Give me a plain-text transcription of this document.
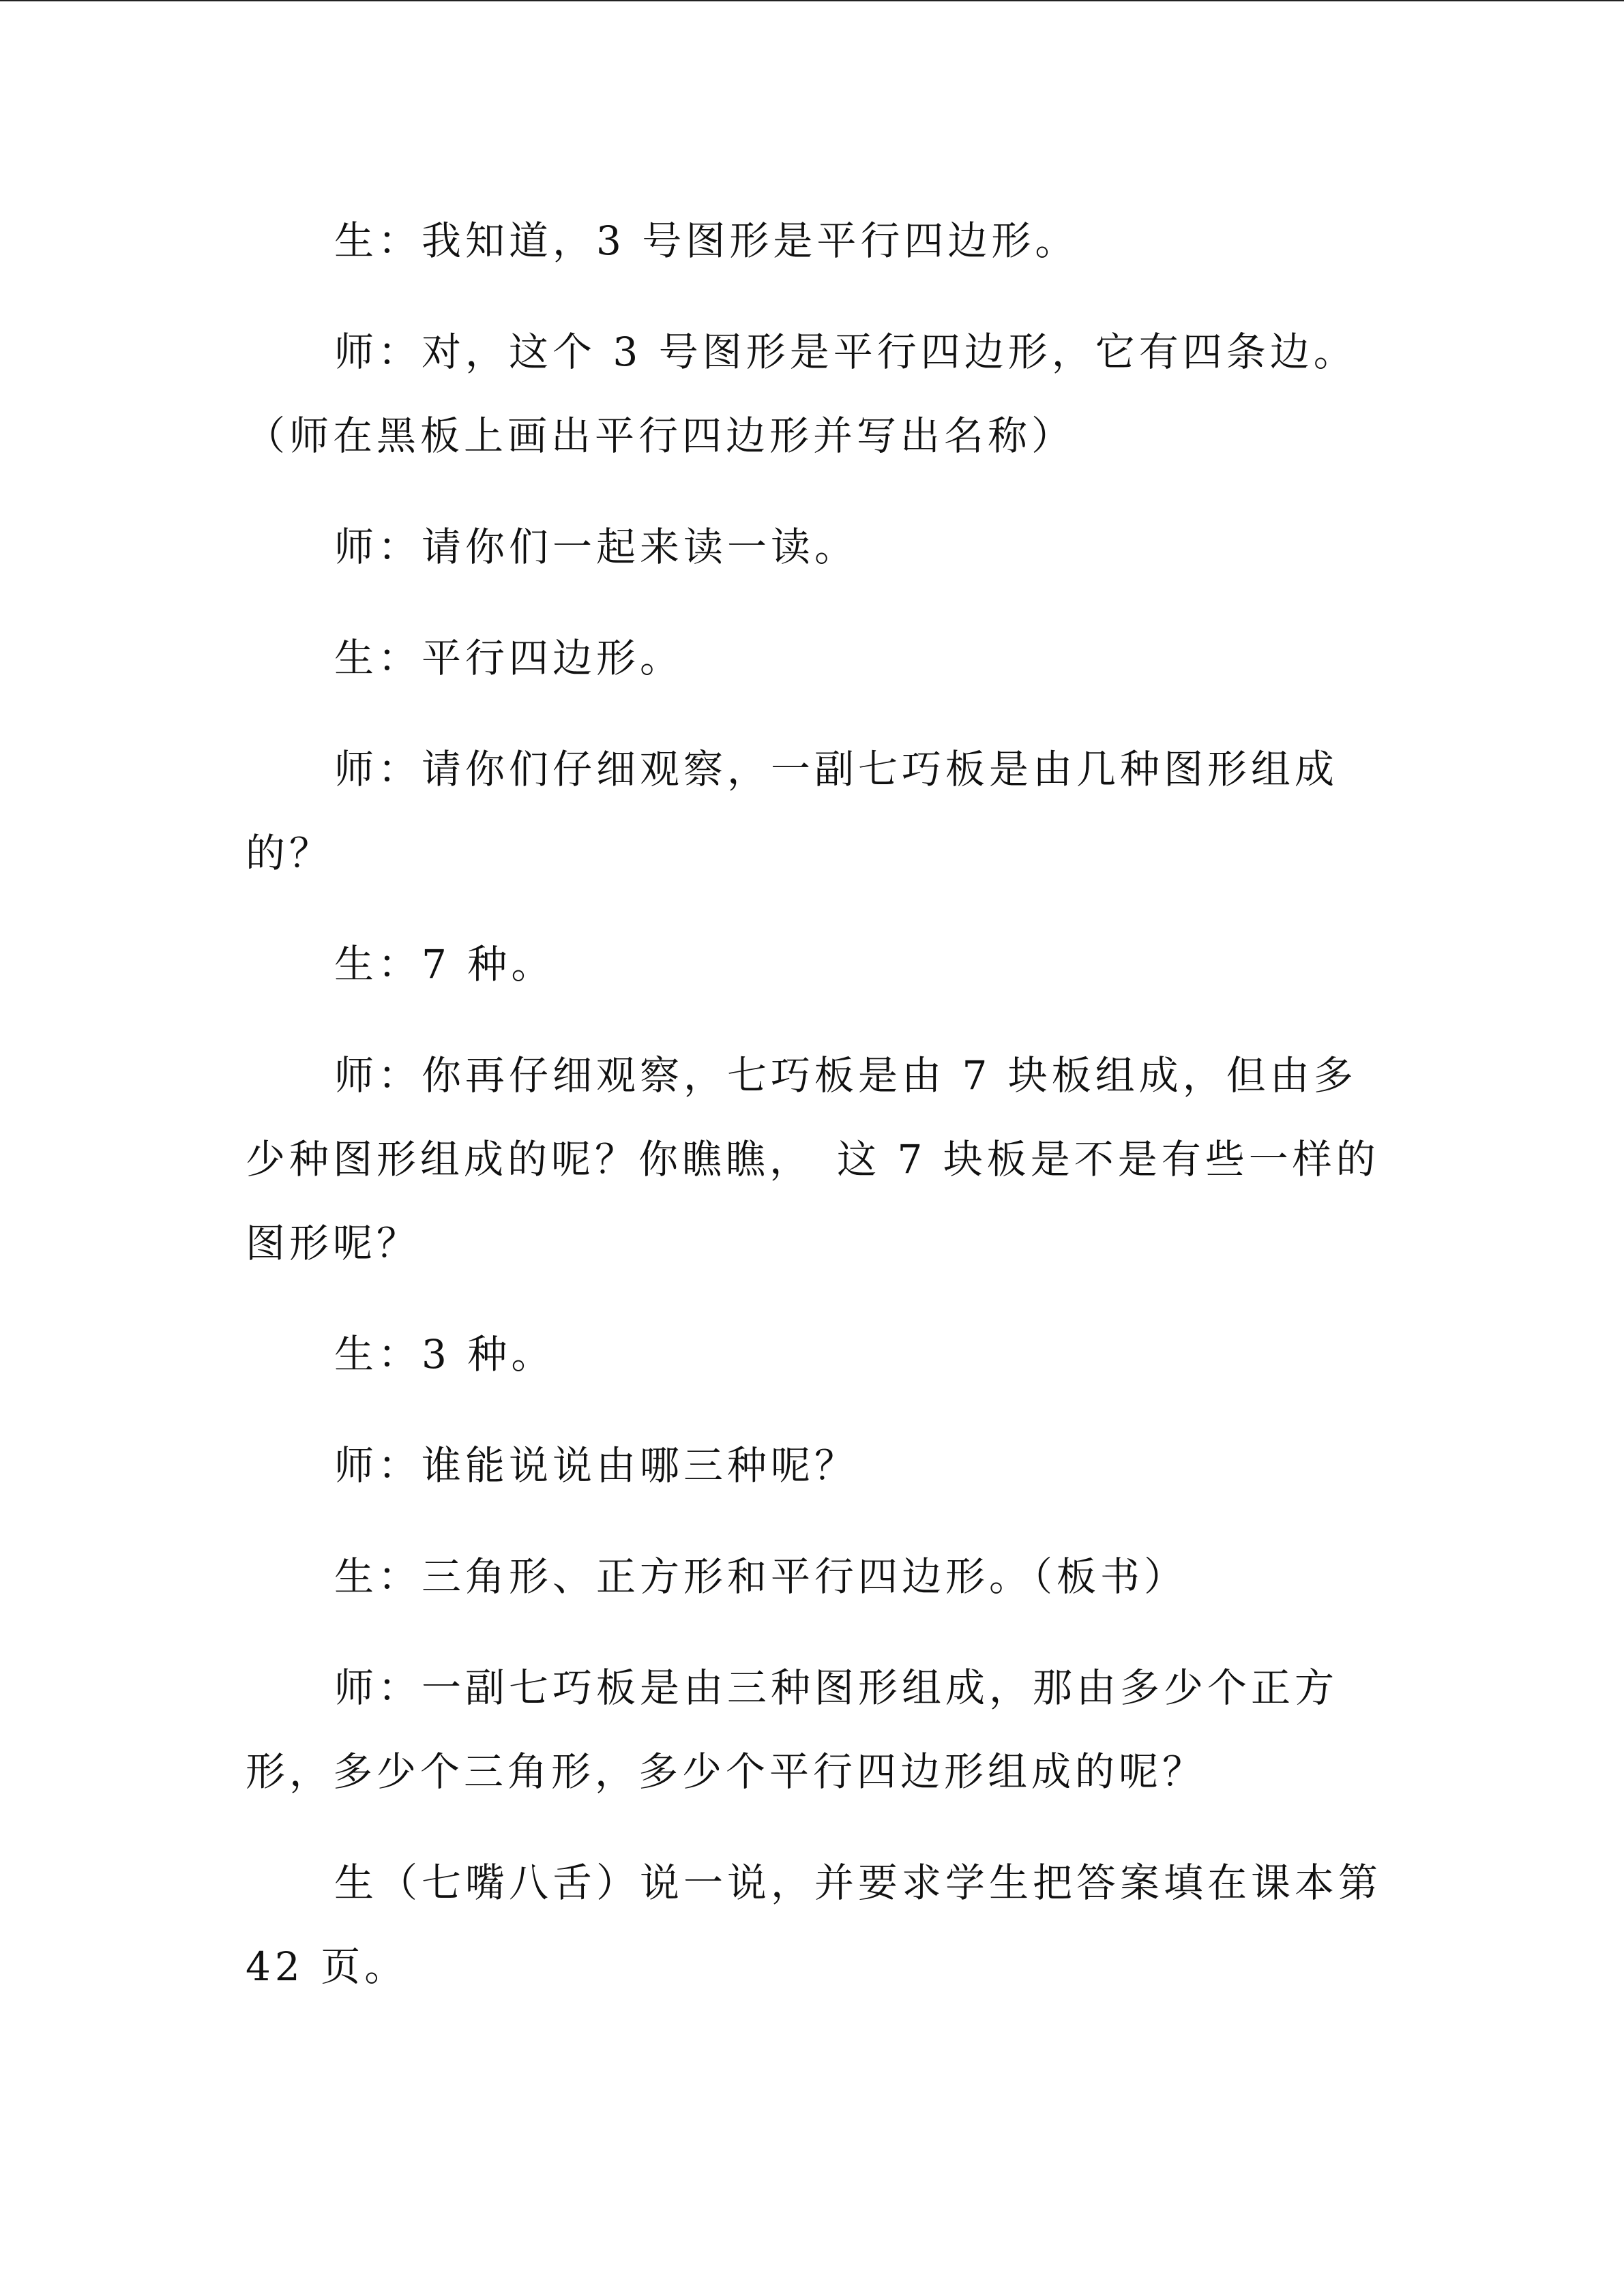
生：我知道，3 号图形是平行四边形。

师：对，这个 3 号图形是平行四边形，它有四条边。（师在黑板上画出平行四边形并写出名称）

师：请你们一起来读一读。

生：平行四边形。

师：请你们仔细观察，一副七巧板是由几种图形组成的？

生：7 种。

师：你再仔细观察，七巧板是由 7 块板组成，但由多少种图形组成的呢？你瞧瞧，　这 7 块板是不是有些一样的图形呢？

生：3 种。

师：谁能说说由哪三种呢？

生：三角形、正方形和平行四边形。（板书）

师：一副七巧板是由三种图形组成，那由多少个正方形，多少个三角形，多少个平行四边形组成的呢？

生（七嘴八舌）说一说，并要求学生把答案填在课本第 42 页。
